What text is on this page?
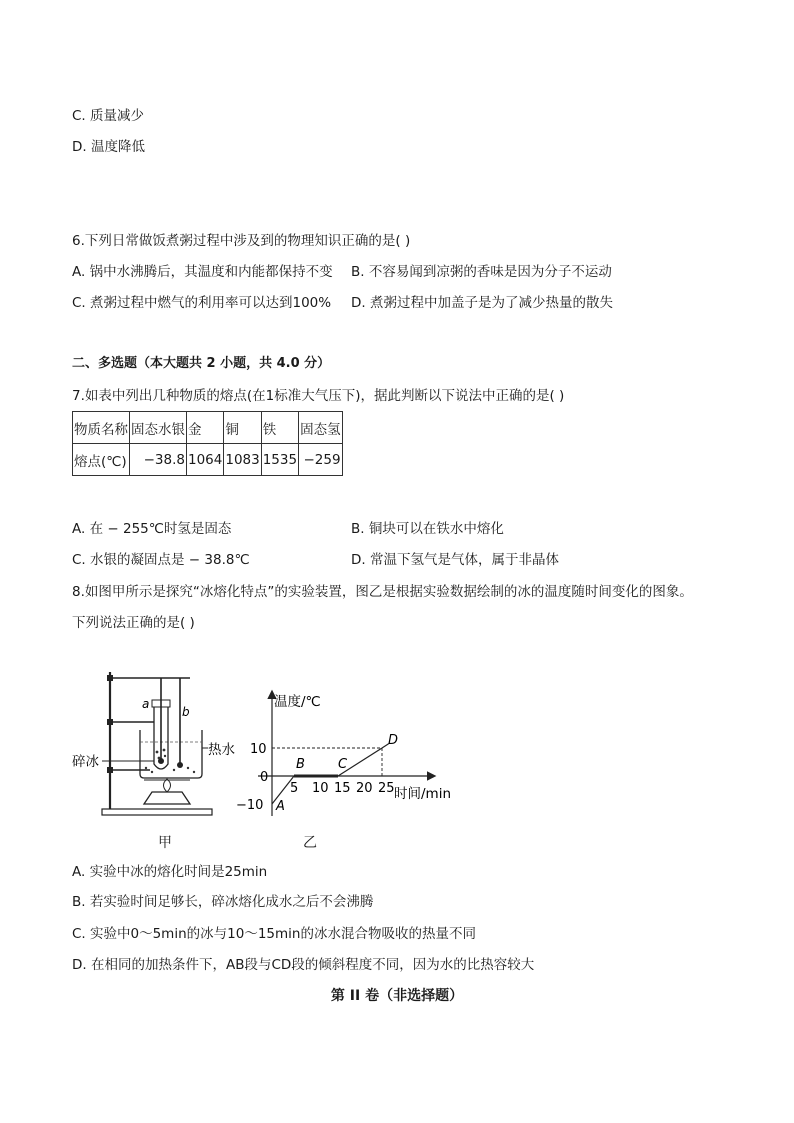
C. 质量减少
D. 温度降低
6.下列日常做饭煮粥过程中涉及到的物理知识正确的是( )
A. 锅中水沸腾后，其温度和内能都保持不变 B. 不容易闻到凉粥的香味是因为分子不运动
C. 煮粥过程中燃气的利用率可以达到100% D. 煮粥过程中加盖子是为了减少热量的散失
二、多选题（本大题共 2 小题，共 4.0 分）
7.如表中列出几种物质的熔点(在1标准大气压下)，据此判断以下说法中正确的是( )
物质名称	固态水银	金	铜	铁	固态氢
熔点(℃)	−38.8	1064	1083	1535	−259
A. 在 − 255℃时氢是固态	B. 铜块可以在铁水中熔化
C. 水银的凝固点是 − 38.8℃	D. 常温下氢气是气体，属于非晶体
8.如图甲所示是探究“冰熔化特点”的实验装置，图乙是根据实验数据绘制的冰的温度随时间变化的图象。
下列说法正确的是( )
a
b
热水
碎冰
甲
温度/℃
时间/min
5 10 15 20 25
10
0
−10 A
B	C
D
乙
A. 实验中冰的熔化时间是25min
B. 若实验时间足够长，碎冰熔化成水之后不会沸腾
C. 实验中0～5min的冰与10～15min的冰水混合物吸收的热量不同
D. 在相同的加热条件下，AB段与CD段的倾斜程度不同，因为水的比热容较大
第 II 卷（非选择题）
